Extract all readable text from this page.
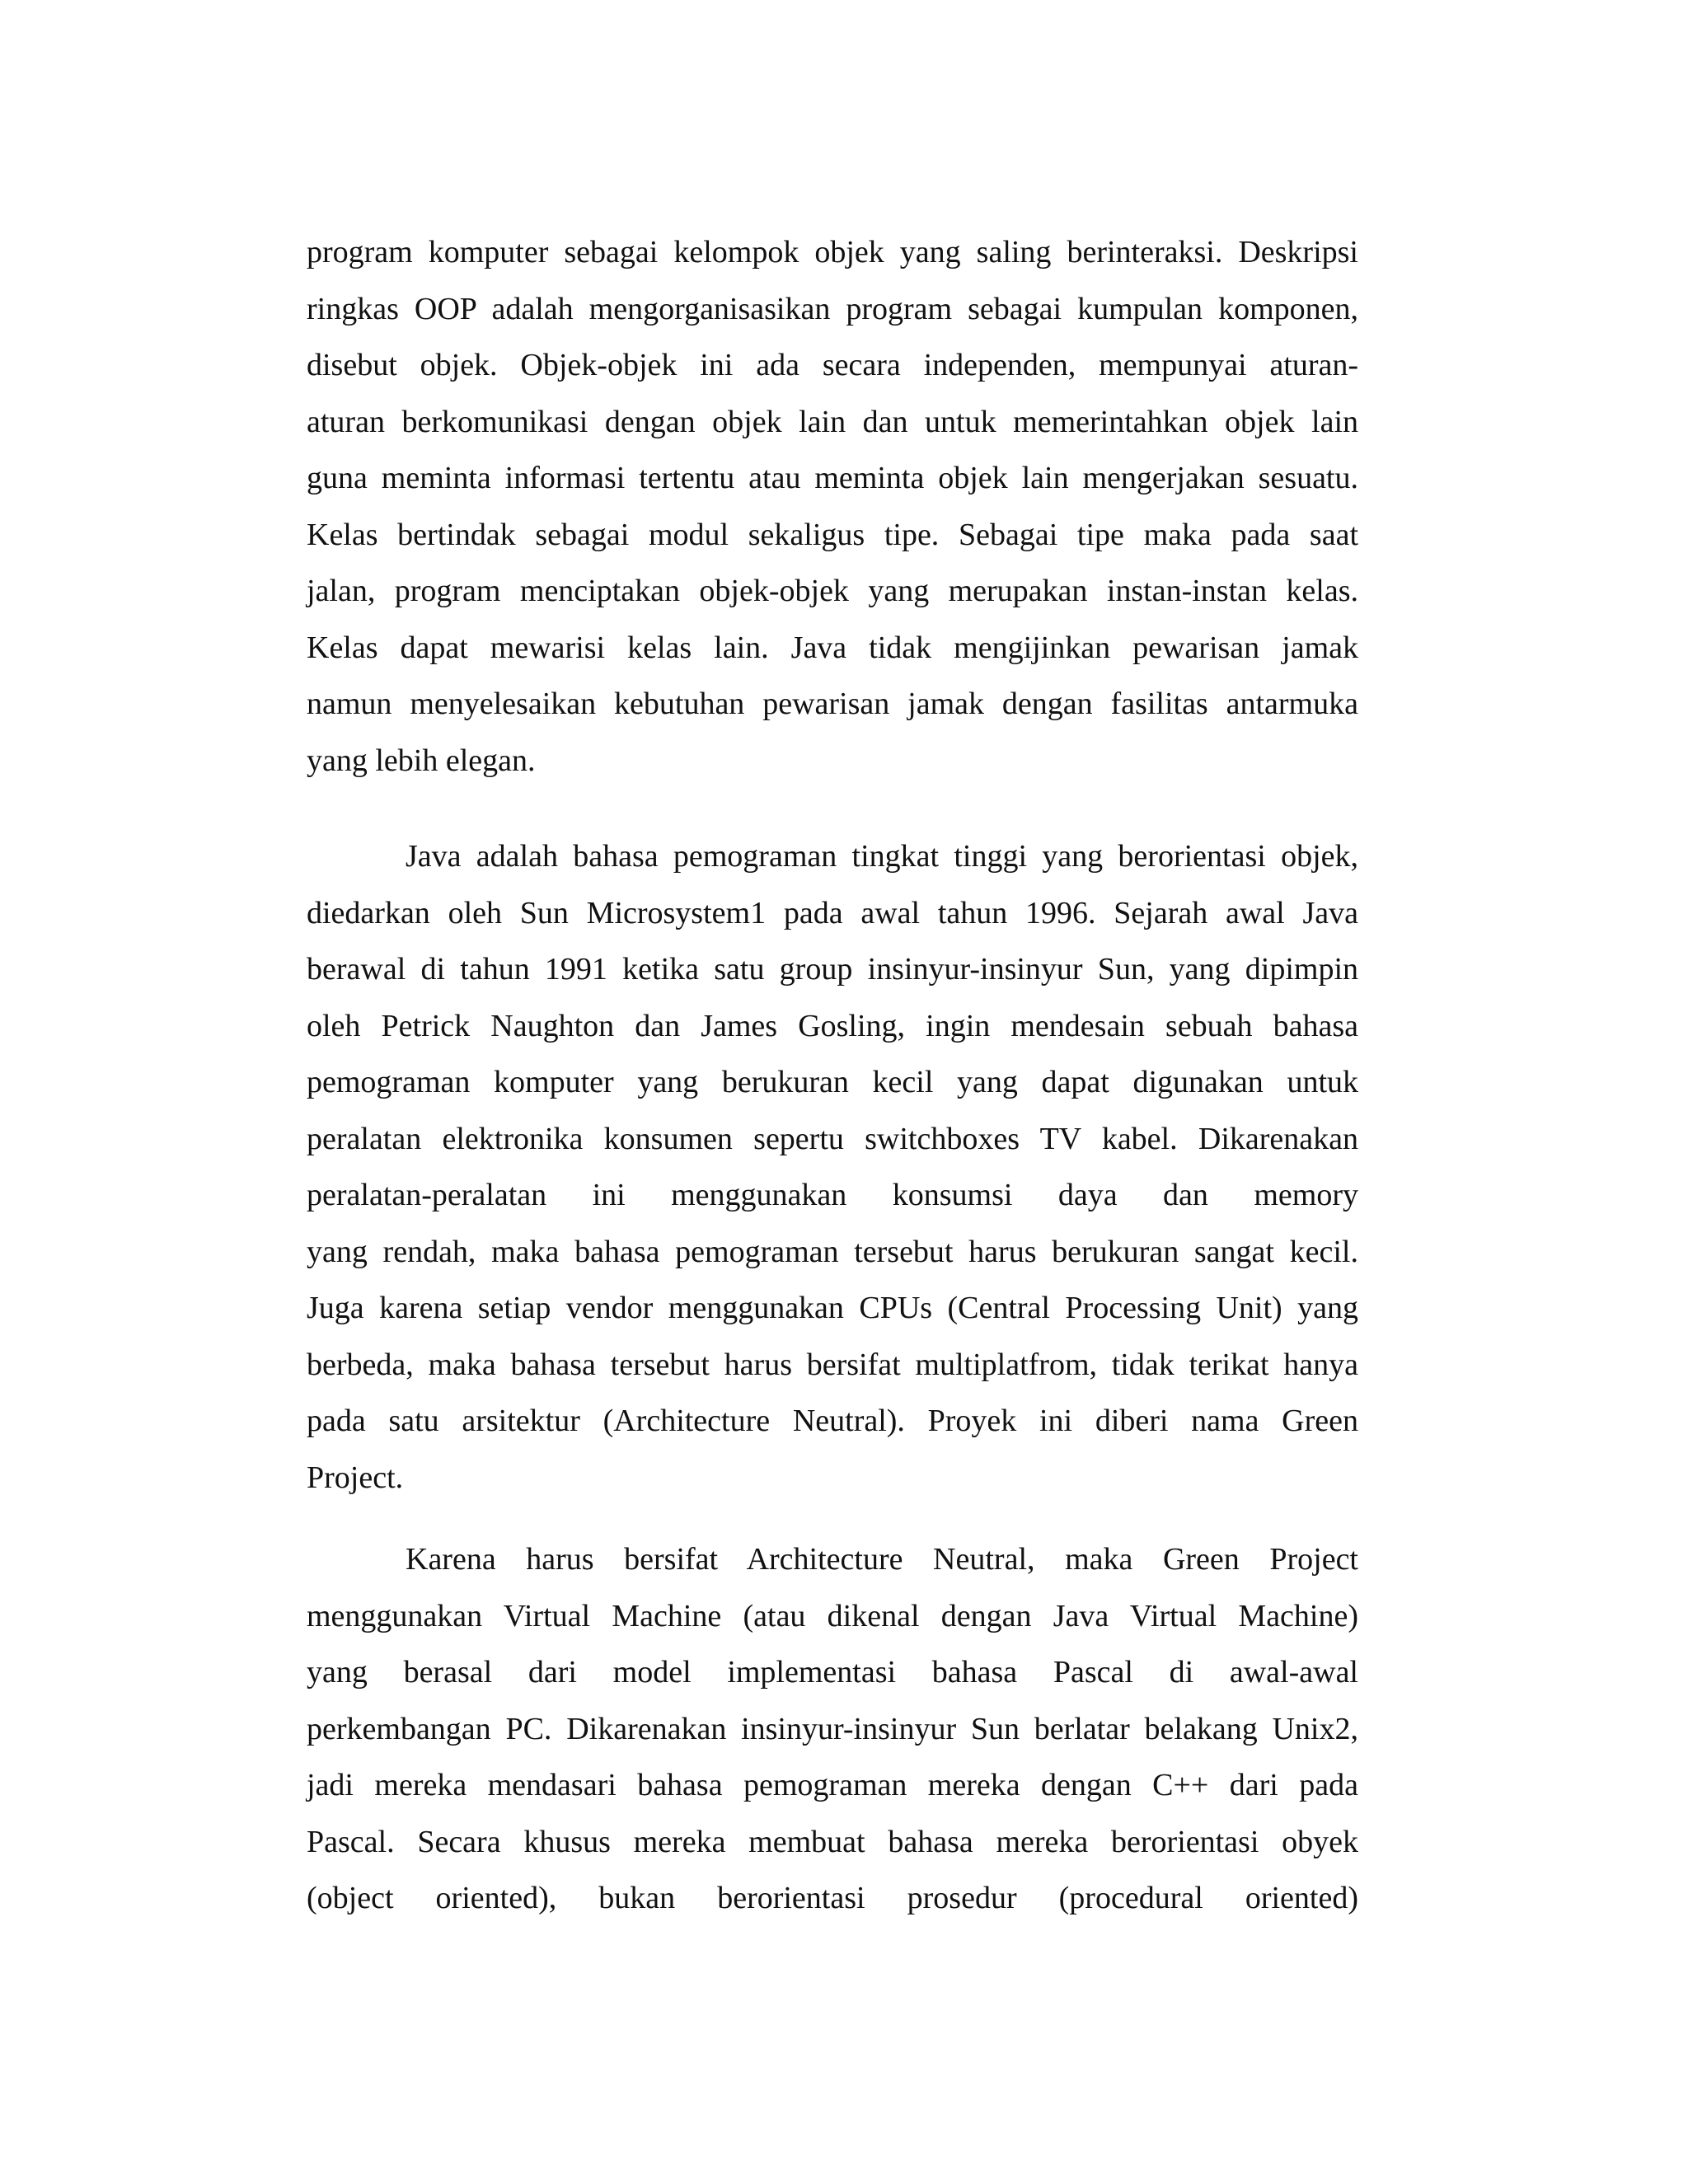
program komputer sebagai kelompok objek yang saling berinteraksi. Deskripsi
ringkas OOP adalah mengorganisasikan program sebagai kumpulan komponen,
disebut objek. Objek-objek ini ada secara independen, mempunyai aturan-
aturan berkomunikasi dengan objek lain dan untuk memerintahkan objek lain
guna meminta informasi tertentu atau meminta objek lain mengerjakan sesuatu.
Kelas bertindak sebagai modul sekaligus tipe. Sebagai tipe maka pada saat
jalan, program menciptakan objek-objek yang merupakan instan-instan kelas.
Kelas dapat mewarisi kelas lain. Java tidak mengijinkan pewarisan jamak
namun menyelesaikan kebutuhan pewarisan jamak dengan fasilitas antarmuka
yang lebih elegan.
Java adalah bahasa pemograman tingkat tinggi yang berorientasi objek,
diedarkan oleh Sun Microsystem1 pada awal tahun 1996. Sejarah awal Java
berawal di tahun 1991 ketika satu group insinyur-insinyur Sun, yang dipimpin
oleh Petrick Naughton dan James Gosling, ingin mendesain sebuah bahasa
pemograman komputer yang berukuran kecil yang dapat digunakan untuk
peralatan elektronika konsumen sepertu switchboxes TV kabel. Dikarenakan
peralatan-peralatan ini menggunakan konsumsi daya dan memory
yang rendah, maka bahasa pemograman tersebut harus berukuran sangat kecil.
Juga karena setiap vendor menggunakan CPUs (Central Processing Unit) yang
berbeda, maka bahasa tersebut harus bersifat multiplatfrom, tidak terikat hanya
pada satu arsitektur (Architecture Neutral). Proyek ini diberi nama Green
Project.
Karena harus bersifat Architecture Neutral, maka Green Project
menggunakan Virtual Machine (atau dikenal dengan Java Virtual Machine)
yang berasal dari model implementasi bahasa Pascal di awal-awal
perkembangan PC. Dikarenakan insinyur-insinyur Sun berlatar belakang Unix2,
jadi mereka mendasari bahasa pemograman mereka dengan C++ dari pada
Pascal. Secara khusus mereka membuat bahasa mereka berorientasi obyek
(object oriented), bukan berorientasi prosedur (procedural oriented)
